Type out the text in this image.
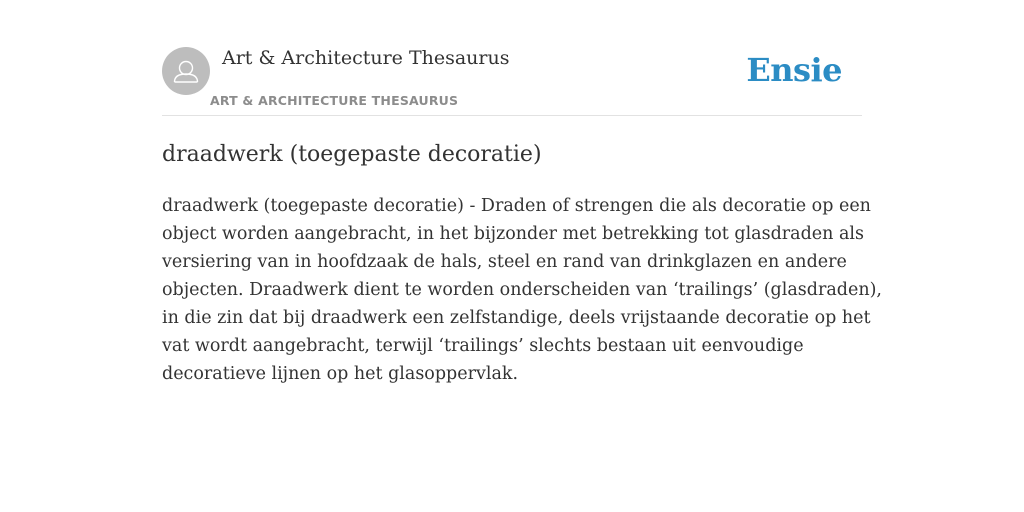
Art & Architecture Thesaurus
ART & ARCHITECTURE THESAURUS
Ensie
draadwerk (toegepaste decoratie)

draadwerk (toegepaste decoratie) - Draden of strengen die als decoratie op een
object worden aangebracht, in het bijzonder met betrekking tot glasdraden als
versiering van in hoofdzaak de hals, steel en rand van drinkglazen en andere
objecten. Draadwerk dient te worden onderscheiden van ‘trailings’ (glasdraden),
in die zin dat bij draadwerk een zelfstandige, deels vrijstaande decoratie op het
vat wordt aangebracht, terwijl ‘trailings’ slechts bestaan uit eenvoudige
decoratieve lijnen op het glasoppervlak.
